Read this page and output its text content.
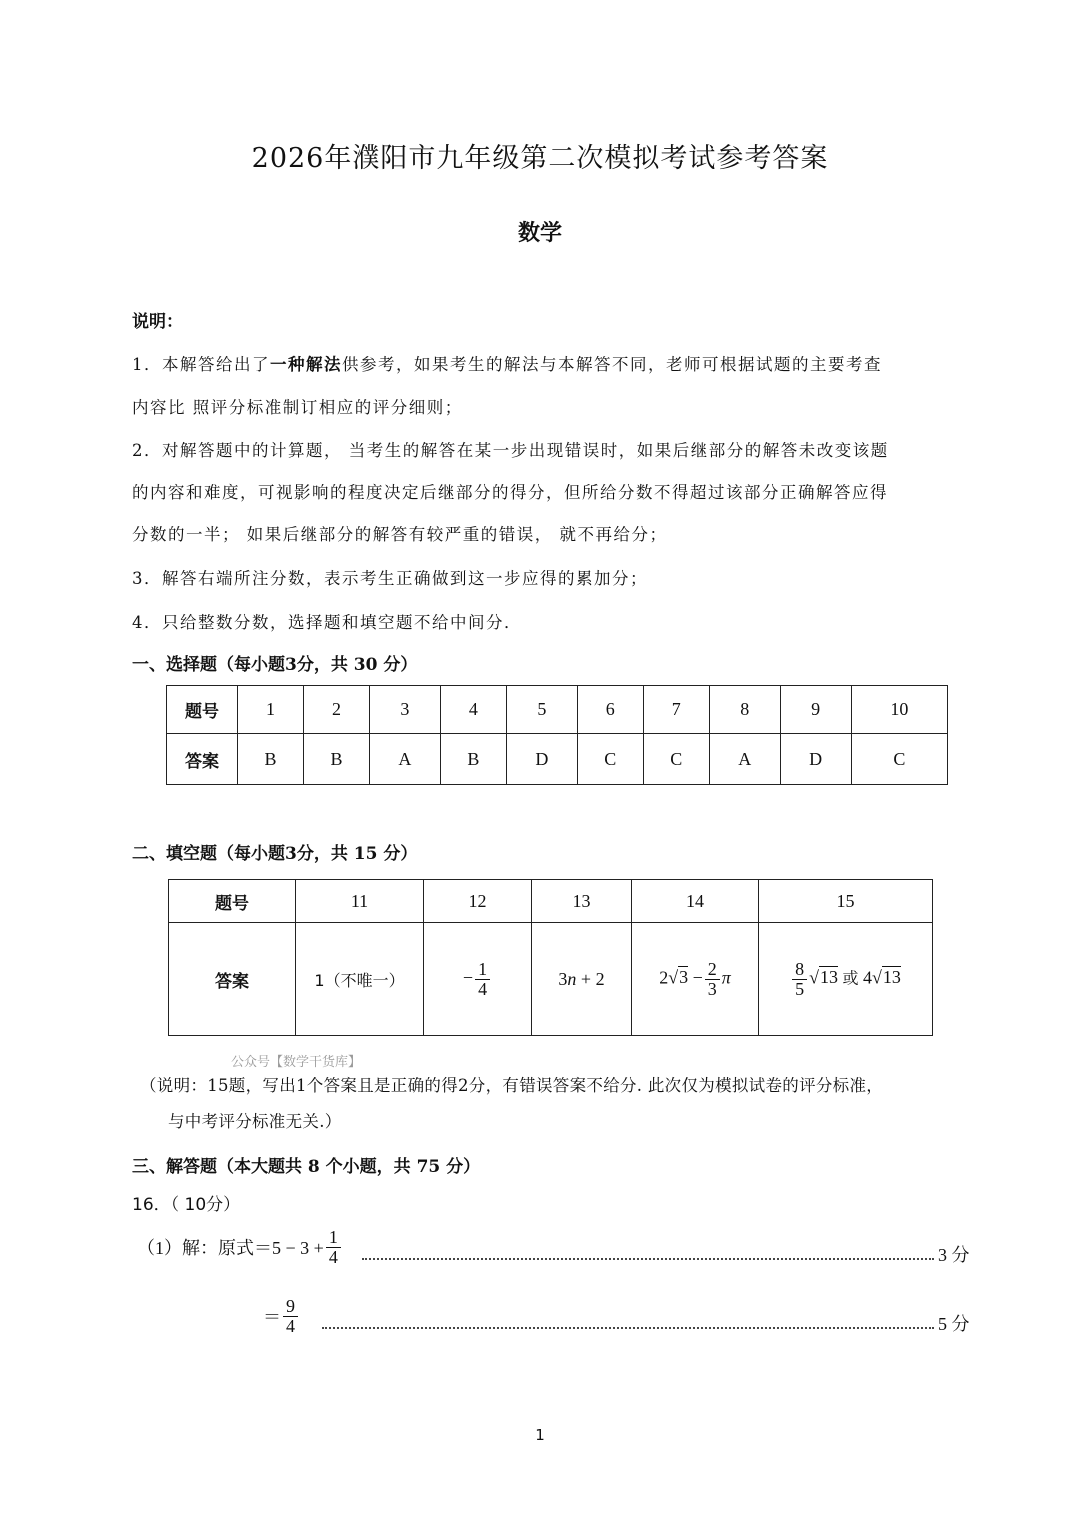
2026年濮阳市九年级第二次模拟考试参考答案
数学
说明：
1．本解答给出了一种解法供参考，如果考生的解法与本解答不同，老师可根据试题的主要考查
内容比 照评分标准制订相应的评分细则；
2．对解答题中的计算题， 当考生的解答在某一步出现错误时，如果后继部分的解答未改变该题
的内容和难度，可视影响的程度决定后继部分的得分，但所给分数不得超过该部分正确解答应得
分数的一半； 如果后继部分的解答有较严重的错误， 就不再给分；
3．解答右端所注分数，表示考生正确做到这一步应得的累加分；
4．只给整数分数，选择题和填空题不给中间分．
一、选择题（每小题3分，共 30 分）
题号	1	2	3	4	5	6	7	8	9	10
答案	B	B	A	B	D	C	C	A	D	C
二、填空题（每小题3分，共 15 分）
题号	11	12	13	14	15
答案	1（不唯一）	− $\frac{1}{4}$	3n + 2	$2√3 - \frac{2}{3}$ π	$\frac{8}{5} √13$ 或 4√13
公众号【数学干货库】
（说明：15题，写出1个答案且是正确的得2分，有错误答案不给分. 此次仅为模拟试卷的评分标准，
与中考评分标准无关.）
三、解答题（本大题共 8 个小题，共 75 分）
16．（ 10分）
（1）解：原式$=5 - 3 + \frac{1}{4}$	3 分
＝ $\frac{9}{4}$	5 分
1
